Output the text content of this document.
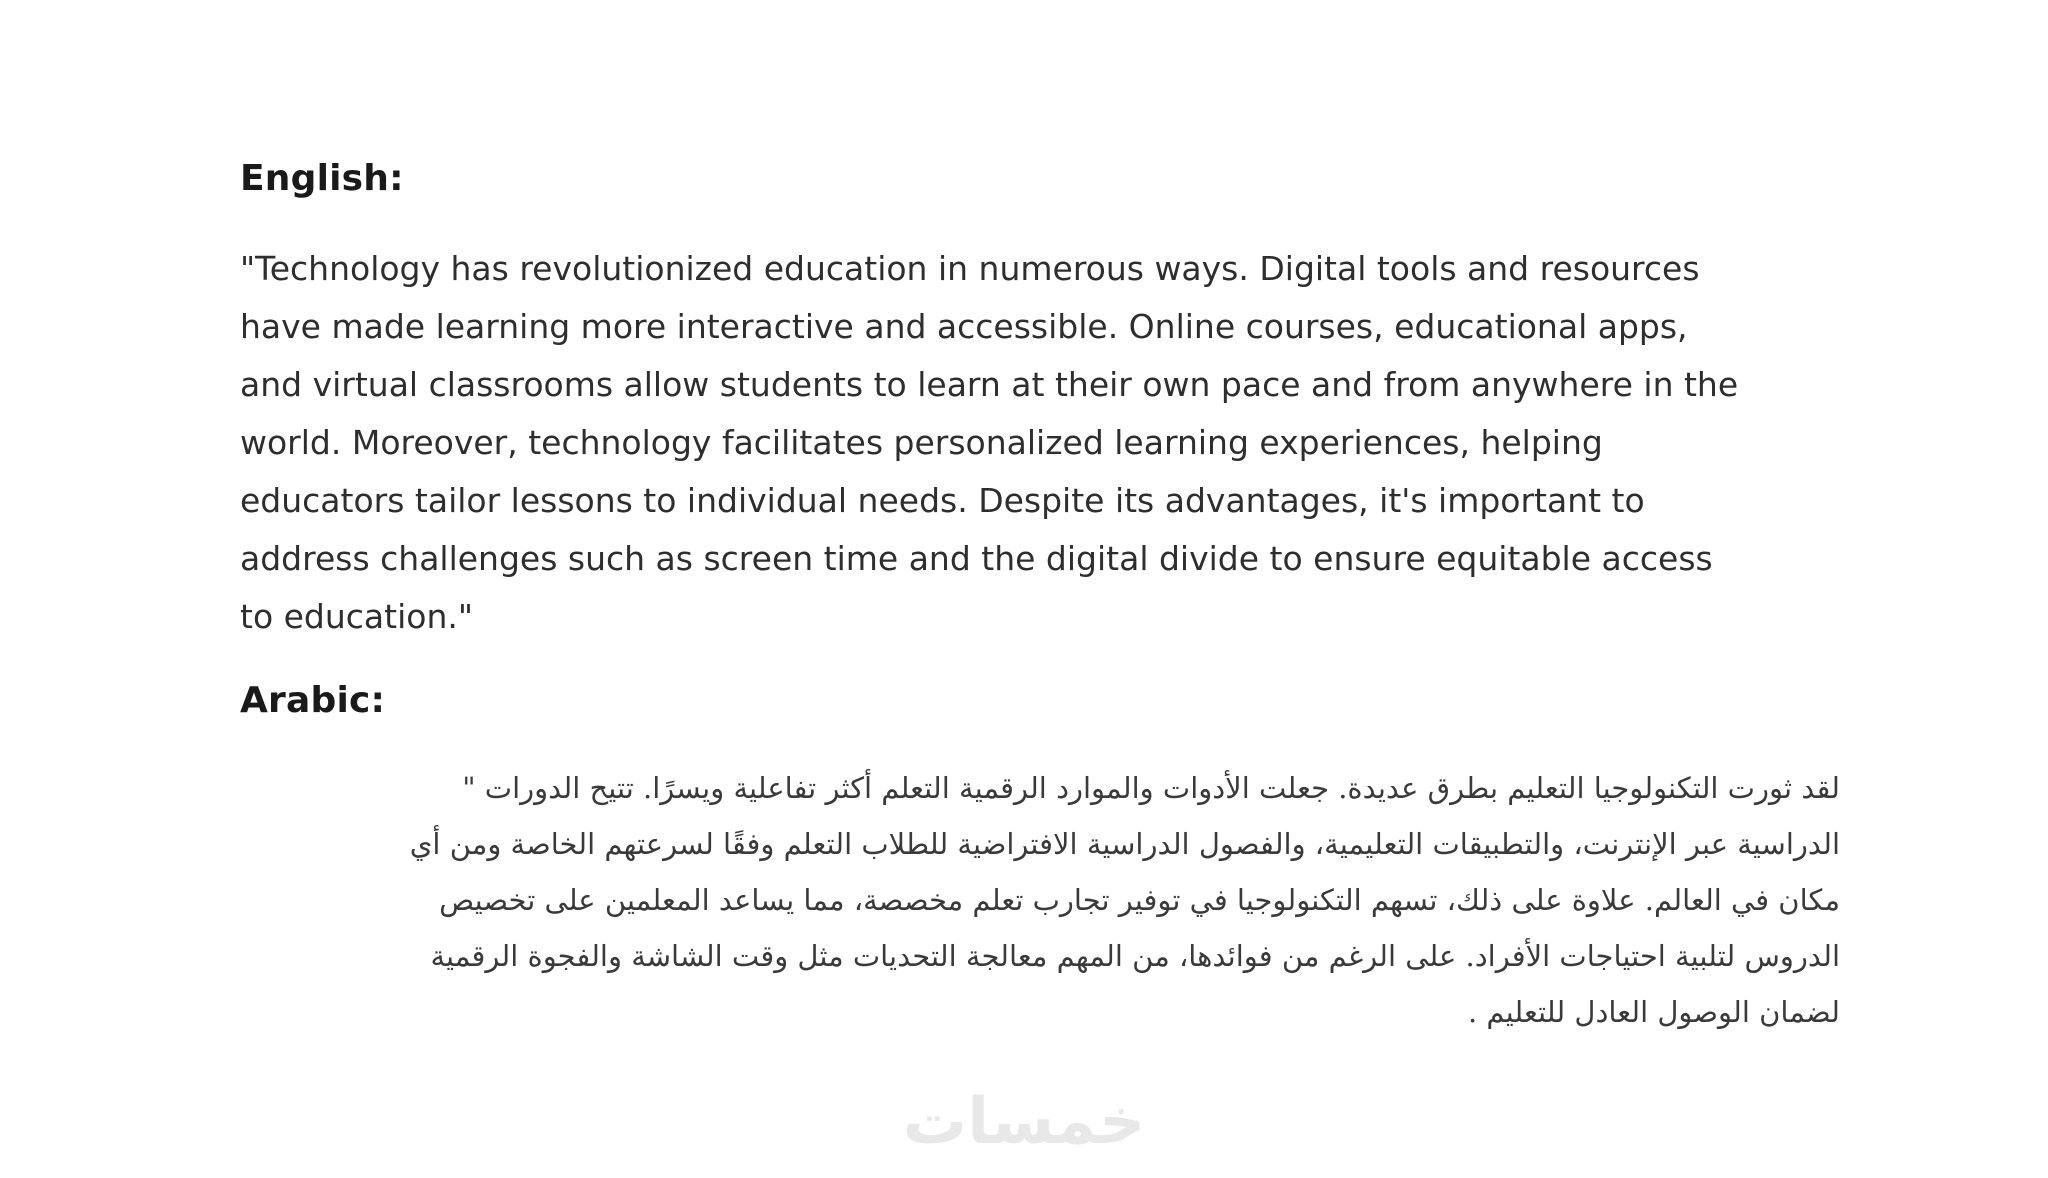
English:

"Technology has revolutionized education in numerous ways. Digital tools and resources
have made learning more interactive and accessible. Online courses, educational apps,
and virtual classrooms allow students to learn at their own pace and from anywhere in the
world. Moreover, technology facilitates personalized learning experiences, helping
educators tailor lessons to individual needs. Despite its advantages, it's important to
address challenges such as screen time and the digital divide to ensure equitable access
to education."

Arabic:

لقد ثورت التكنولوجيا التعليم بطرق عديدة. جعلت الأدوات والموارد الرقمية التعلم أكثر تفاعلية ويسرًا. تتيح الدورات "
الدراسية عبر الإنترنت، والتطبيقات التعليمية، والفصول الدراسية الافتراضية للطلاب التعلم وفقًا لسرعتهم الخاصة ومن أي
مكان في العالم. علاوة على ذلك، تسهم التكنولوجيا في توفير تجارب تعلم مخصصة، مما يساعد المعلمين على تخصيص
الدروس لتلبية احتياجات الأفراد. على الرغم من فوائدها، من المهم معالجة التحديات مثل وقت الشاشة والفجوة الرقمية
لضمان الوصول العادل للتعليم .

خمسات
